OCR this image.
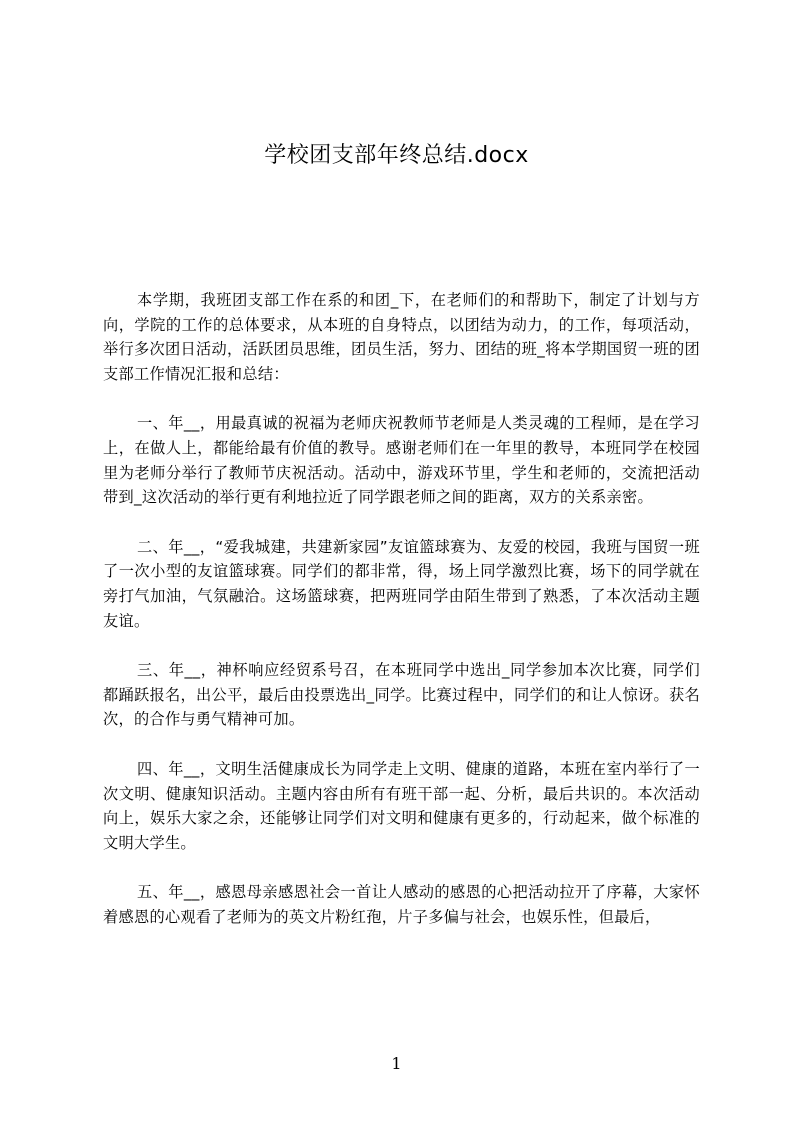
学校团支部年终总结.docx

本学期，我班团支部工作在系的和团_下，在老师们的和帮助下，制定了计划与方向，学院的工作的总体要求，从本班的自身特点，以团结为动力，的工作，每项活动，举行多次团日活动，活跃团员思维，团员生活，努力、团结的班_将本学期国贸一班的团支部工作情况汇报和总结：

一、年__，用最真诚的祝福为老师庆祝教师节老师是人类灵魂的工程师，是在学习上，在做人上，都能给最有价值的教导。感谢老师们在一年里的教导，本班同学在校园里为老师分举行了教师节庆祝活动。活动中，游戏环节里，学生和老师的，交流把活动带到_这次活动的举行更有利地拉近了同学跟老师之间的距离，双方的关系亲密。

二、年__，“爱我城建，共建新家园”友谊篮球赛为、友爱的校园，我班与国贸一班了一次小型的友谊篮球赛。同学们的都非常，得，场上同学激烈比赛，场下的同学就在旁打气加油，气氛融洽。这场篮球赛，把两班同学由陌生带到了熟悉，了本次活动主题友谊。

三、年__，神杯响应经贸系号召，在本班同学中选出_同学参加本次比赛，同学们都踊跃报名，出公平，最后由投票选出_同学。比赛过程中，同学们的和让人惊讶。获名次，的合作与勇气精神可加。

四、年__，文明生活健康成长为同学走上文明、健康的道路，本班在室内举行了一次文明、健康知识活动。主题内容由所有有班干部一起、分析，最后共识的。本次活动向上，娱乐大家之余，还能够让同学们对文明和健康有更多的，行动起来，做个标准的文明大学生。

五、年__，感恩母亲感恩社会一首让人感动的感恩的心把活动拉开了序幕，大家怀着感恩的心观看了老师为的英文片粉红孢，片子多偏与社会，也娱乐性，但最后，

1
